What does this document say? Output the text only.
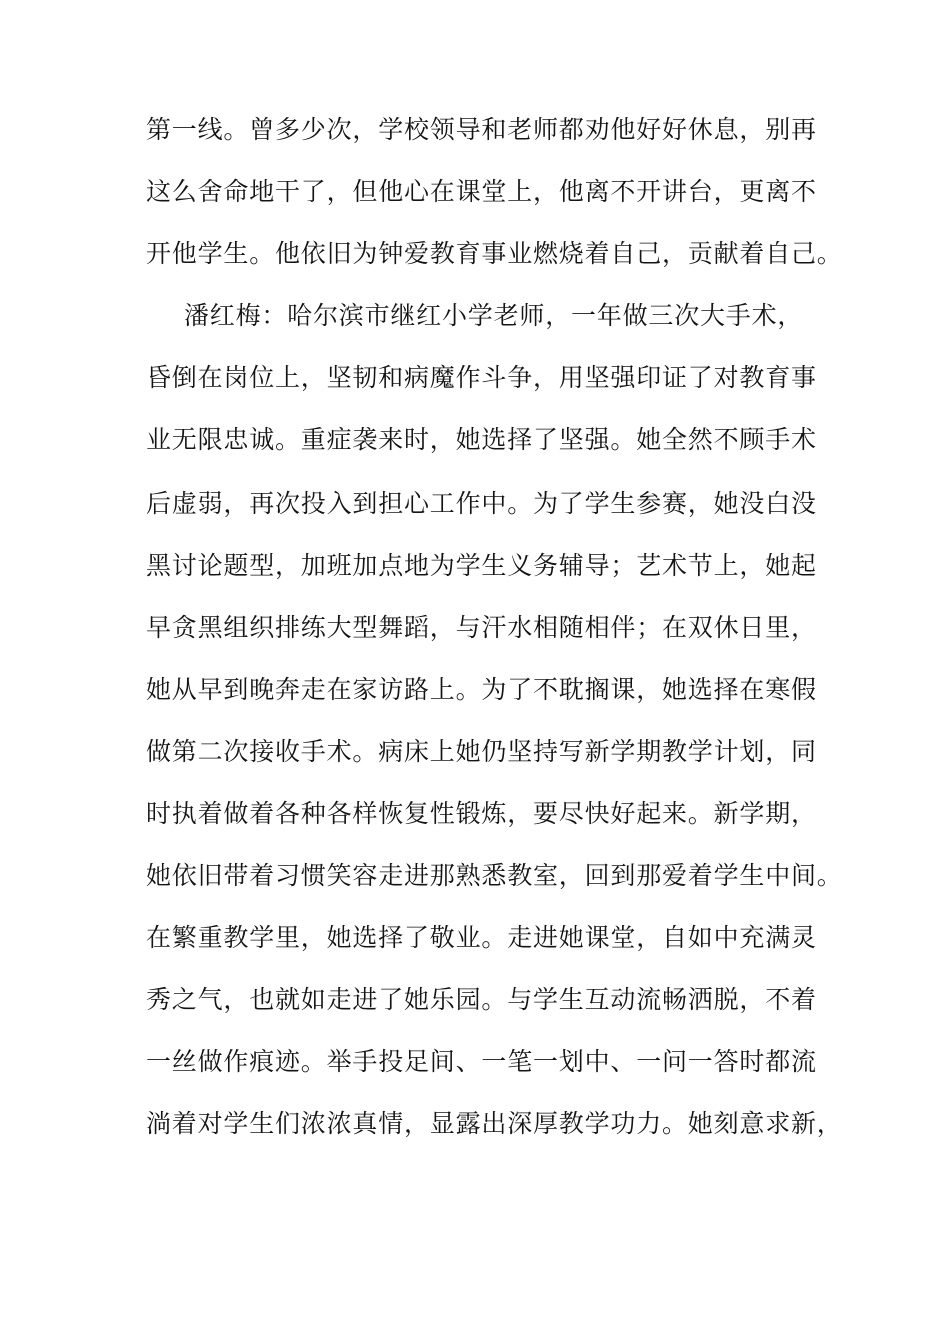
第一线。曾多少次，学校领导和老师都劝他好好休息，别再
这么舍命地干了，但他心在课堂上，他离不开讲台，更离不
开他学生。他依旧为钟爱教育事业燃烧着自己，贡献着自己。
潘红梅：哈尔滨市继红小学老师，一年做三次大手术，
昏倒在岗位上，坚韧和病魔作斗争，用坚强印证了对教育事
业无限忠诚。重症袭来时，她选择了坚强。她全然不顾手术
后虚弱，再次投入到担心工作中。为了学生参赛，她没白没
黑讨论题型，加班加点地为学生义务辅导；艺术节上，她起
早贪黑组织排练大型舞蹈，与汗水相随相伴；在双休日里，
她从早到晚奔走在家访路上。为了不耽搁课，她选择在寒假
做第二次接收手术。病床上她仍坚持写新学期教学计划，同
时执着做着各种各样恢复性锻炼，要尽快好起来。新学期，
她依旧带着习惯笑容走进那熟悉教室，回到那爱着学生中间。
在繁重教学里，她选择了敬业。走进她课堂，自如中充满灵
秀之气，也就如走进了她乐园。与学生互动流畅洒脱，不着
一丝做作痕迹。举手投足间、一笔一划中、一问一答时都流
淌着对学生们浓浓真情，显露出深厚教学功力。她刻意求新，
